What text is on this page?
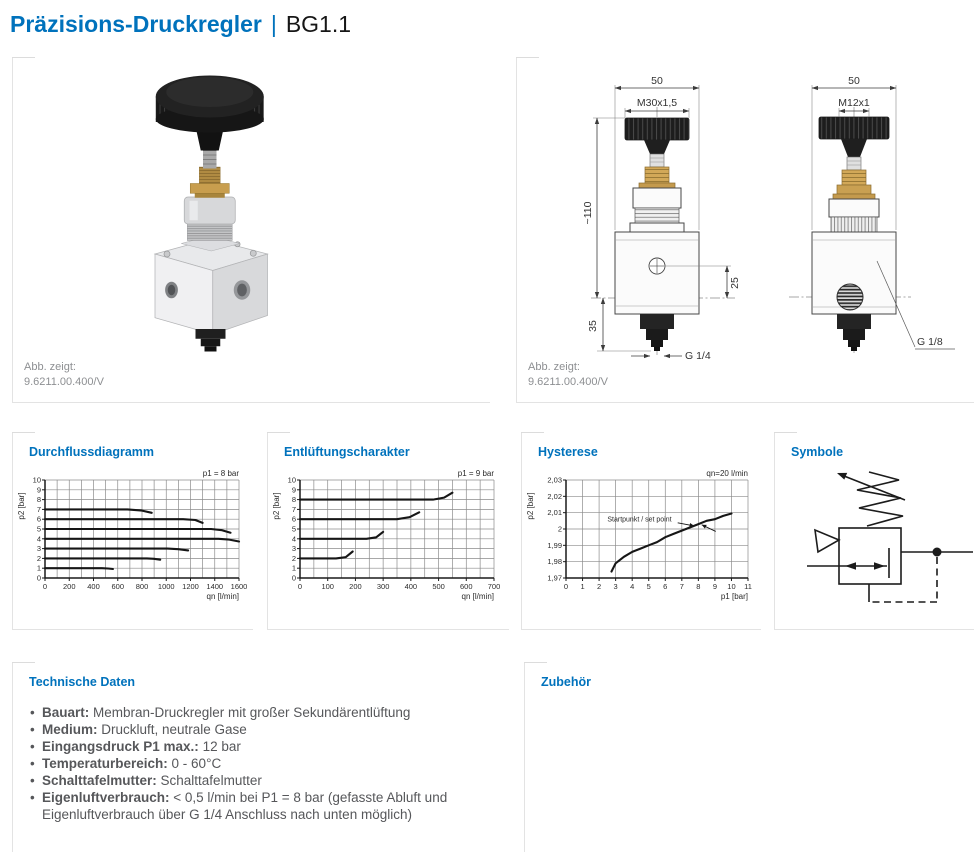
Präzisions-Druckregler | BG1.1
Abb. zeigt:
9.6211.00.400/V
50
M30x1,5
~110
25
35
G 1/4
50
M12x1
G 1/8
Abb. zeigt:
9.6211.00.400/V
Durchflussdiagramm
0 200 400 600 800 1000 1200 1400 1600
0
1
2
3
4
5
6
7
8
9
10
qn [l/min]
p2 [bar]
p1 = 8 bar
Entlüftungscharakter
0	100 200 300 400 500 600 700
0
1
2
3
4
5
6
7
8
9
10
qn [l/min]
p2 [bar]
p1 = 9 bar
Hysterese
0 1 2 3 4 5 6 7 8 9 10 11
1,97
1,98
1,99
2
2,01
2,02
2,03
p1 [bar]
p2 [bar]
qn=20 l/min
Startpunkt / set point
Symbole
Technische Daten
• Bauart: Membran-Druckregler mit großer Sekundärentlüftung
• Medium: Druckluft, neutrale Gase
• Eingangsdruck P1 max.: 12 bar
• Temperaturbereich: 0 - 60°C
• Schalttafelmutter: Schalttafelmutter
• Eigenluftverbrauch: < 0,5 l/min bei P1 = 8 bar (gefasste Abluft und Eigenluftverbrauch über G 1/4 Anschluss nach unten möglich)
Zubehör
